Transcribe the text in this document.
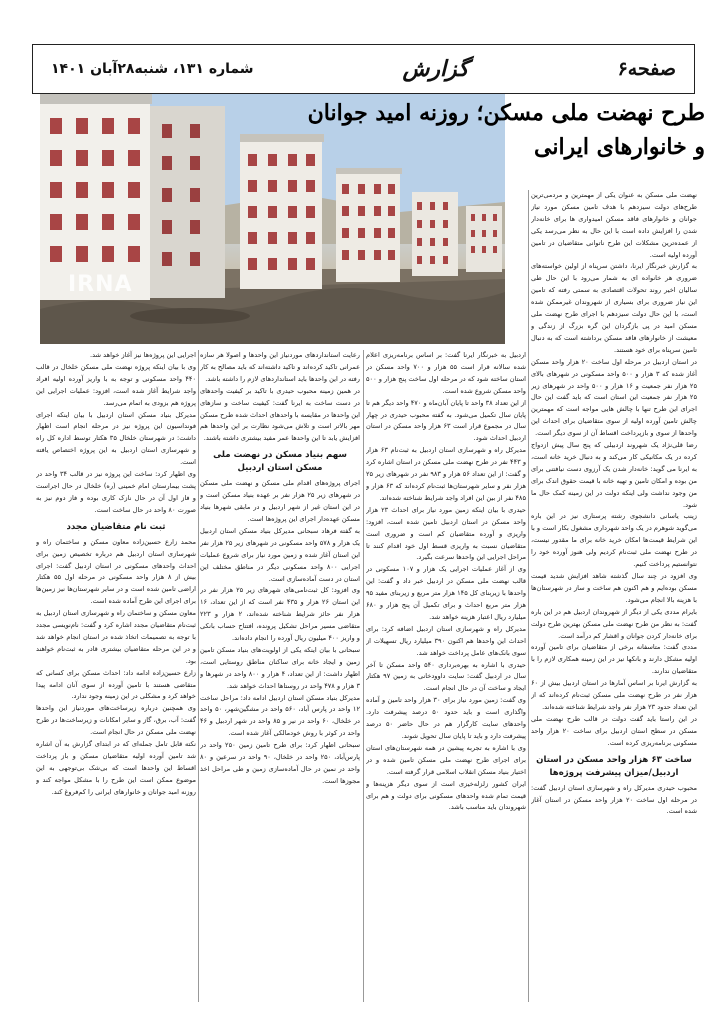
صفحه۶
گزارش
شماره ۱۳۱، شنبه۲۸آبان ۱۴۰۱
IRNA
طرح نهضت ملی مسکن؛ روزنه امید جوانان و خانوارهای ایرانی

نهضت ملی مسکن به عنوان یکی از مهمترین و مردمی‌ترین طرح‌های دولت سیزدهم با هدف تامین مسکن مورد نیاز جوانان و خانوارهای فاقد مسکن امیدواری ها برای خانه‌دار شدن را افزایش داده است با این حال به نظر می‌رسد یکی از عمده‌ترین مشکلات این طرح ناتوانی متقاضیان در تامین آورده اولیه است.

به گزارش خبرنگار ایرنا، داشتن سرپناه از اولین خواسته‌های ضروری هر خانواده ای به شمار می‌رود با این حال طی سالیان اخیر روند تحولات اقتصادی به سمتی رفته که تامین این نیاز ضروری برای بسیاری از شهروندان غیرممکن شده است، با این حال دولت سیزدهم با اجرای طرح نهضت ملی مسکن امید در پی بازگردان این گره بزرگ از زندگی و معیشت از خانوارهای فاقد مسکن برداشته است که به دنبال تامین سرپناه برای خود هستند.

در استان اردبیل در مرحله اول ساخت ۲۰ هزار واحد مسکن آغاز شده که ۳ هزار و ۵۰۰ واحد مسکونی در شهرهای بالای ۲۵ هزار نفر جمعیت و ۱۶ هزار و ۵۰۰ واحد در شهرهای زیر ۲۵ هزار نفر جمعیت این استان است که باید گفت این حال اجرای این طرح تنها با چالش هایی مواجه است که مهمترین چالش تامین آورده اولیه از سوی متقاضیان برای احداث این واحدها از سوی و بازپرداخت اقساط آن از سوی دیگر است.

رضا قلی‌نژاد یک شهروند اردبیلی که پنج سال پیش ازدواج کرده در یک مکانیکی کار می‌کند و به دنبال خرید خانه است، به ایرنا می گوید: خانه‌دار شدن یک آرزوی دست نیافتنی برای من بوده و امکان تامین و تهیه خانه با قیمت حقوق اندک برای من وجود نداشت ولی اینکه دولت در این زمینه کمک حال ما شود.

زینب یاسانی دانشجوی رشته پرستاری نیز در این باره می‌گوید شوهرم در یک واحد شهرداری مشغول بکار است و با این شرایط قیمت‌ها امکان خرید خانه برای ما مقدور نیست، در طرح نهضت ملی ثبت‌نام کردیم ولی هنوز آورده خود را نتوانستیم پرداخت کنیم.

وی افزود در چند سال گذشته شاهد افزایش شدید قیمت مسکن بوده‌ایم و هم اکنون هم ساخت و ساز در شهرستان‌ها با هزینه بالا انجام می‌شود.

بایرام مددی یکی از دیگر از شهروندان اردبیل هم در این باره گفت: به نظر من طرح نهضت ملی مسکن بهترین طرح دولت برای خانه‌دار کردن جوانان و اقشار کم درآمد است.

مددی گفت: متاسفانه برخی از متقاضیان برای تامین آورده اولیه مشکل دارند و بانکها نیز در این زمینه همکاری لازم را با متقاضیان ندارند.

به گزارش ایرنا بر اساس آمارها در استان اردبیل بیش از ۶۰ هزار نفر در طرح نهضت ملی مسکن ثبت‌نام کرده‌اند که از این تعداد حدود ۲۳ هزار نفر واجد شرایط شناخته شده‌اند.

در این راستا باید گفت دولت در قالب طرح نهضت ملی مسکن در سطح استان اردبیل برای ساخت ۲۰ هزار واحد مسکونی برنامه‌ریزی کرده است.

ساخت ۶۳ هزار واحد مسکن در استان اردبیل/میزان پیشرفت پروژه‌ها

محبوب حیدری مدیرکل راه و شهرسازی استان اردبیل گفت: در مرحله اول ساخت ۲۰ هزار واحد مسکن در استان آغاز شده است.

اردبیل به خبرنگار ایرنا گفت: بر اساس برنامه‌ریزی اعلام شده سالانه قرار است ۵۵ هزار و ۷۰۰ واحد مسکن در استان ساخته شود که در مرحله اول ساخت پنج هزار و ۵۰۰ واحد مسکن شروع شده است.

از این تعداد ۳۸ واحد تا پایان آبان‌ماه و ۴۷۰ واحد دیگر هم تا پایان سال تکمیل می‌شود. به گفته محبوب حیدری در چهار سال در مجموع قرار است ۶۳ هزار واحد مسکن در استان اردبیل احداث شود.

مدیرکل راه و شهرسازی استان اردبیل به ثبت‌نام ۶۳ هزار و ۴۴۳ نفر در طرح نهضت ملی مسکن در استان اشاره کرد و گفت: از این تعداد ۵۶ هزار و ۹۸۳ نفر در شهرهای زیر ۲۵ هزار نفر و سایر شهرستان‌ها ثبت‌نام کرده‌اند که ۶۳ هزار و ۴۸۵ نفر از بین این افراد واجد شرایط شناخته شده‌اند.

حیدری با بیان اینکه زمین مورد نیاز برای احداث ۲۳ هزار واحد مسکن در استان اردبیل تامین شده است، افزود: واریزی و آورده متقاضیان کم است و ضروری است متقاضیان نسبت به واریزی قسط اول خود اقدام کنند تا مراحل اجرایی این واحدها سرعت بگیرد.

وی از آغاز عملیات اجرایی یک هزار و ۱۰۷ مسکونی در قالب نهضت ملی مسکن در اردبیل خبر داد و گفت: این واحدها با زیربنای کل ۱۴۵ هزار متر مربع و زیربنای مفید ۹۵ هزار متر مربع احداث و برای تکمیل آن پنج هزار و ۶۸۰ میلیارد ریال اعتبار هزینه خواهد شد.

مدیرکل راه و شهرسازی استان اردبیل اضافه کرد: برای احداث این واحدها هم اکنون ۳۹۰ میلیارد ریال تسهیلات از سوی بانک‌های عامل پرداخت خواهد شد.

حیدری با اشاره به بهره‌برداری ۵۴۰ واحد مسکن تا آخر سال در اردبیل گفت: سایت داوودخانی به زمین ۹۷ هکتار ایجاد و ساخت آن در حال انجام است.

وی گفت: زمین مورد نیاز برای ۳۰ هزار واحد تامین و آماده واگذاری است و باید حدود ۵۰ درصد پیشرفت دارد. واحدهای سایت کارگزار هم در حال حاضر ۵۰ درصد پیشرفت دارد و باید تا پایان سال تحویل شوند.

وی با اشاره به تجربه پیشین در همه شهرستان‌های استان برای اجرای طرح نهضت ملی مسکن تامین شده و در اختیار بنیاد مسکن انقلاب اسلامی قرار گرفته است.

ایران کشور زلزله‌خیزی است از سوی دیگر هزینه‌ها و قیمت تمام شده واحدهای مسکونی برای دولت و هم برای شهروندان باید مناسب باشد.

رعایت استانداردهای موردنیاز این واحدها و اصولا هر سازه عمرانی تاکید کرده‌اند و تاکید داشته‌اند که باید مصالح به کار رفته در این واحدها باید استانداردهای لازم را داشته باشد.

در همین زمینه محبوب حیدری با تاکید بر کیفیت واحدهای در دست ساخت به ایرنا گفت: کیفیت ساخت و سازهای این واحدها در مقایسه با واحدهای احداث شده طرح مسکن مهر بالاتر است و تلاش می‌شود نظارت بر این واحدها هم افزایش یابد تا این واحدها عمر مفید بیشتری داشته باشند.

سهم بنیاد مسکن در نهضت ملی مسکن استان اردبیل

اجرای پروژه‌های اقدام ملی مسکن و نهضت ملی مسکن در شهرهای زیر ۲۵ هزار نفر بر عهده بنیاد مسکن است و در این استان غیر از شهر اردبیل و در مابقی شهرها بنیاد مسکن عهده‌دار اجرای این پروژه‌ها است.

به گفته فرهاد سبحانی مدیرکل بنیاد مسکن استان اردبیل یک هزار و ۵۷۸ واحد مسکونی در شهرهای زیر ۲۵ هزار نفر این استان آغاز شده و زمین مورد نیاز برای شروع عملیات اجرایی ۸۰۰ واحد مسکونی دیگر در مناطق مختلف این استان در دست آماده‌سازی است.

وی افزود: کل ثبت‌نامی‌های شهرهای زیر ۲۵ هزار نفر در این استان ۲۶ هزار و ۴۳۵ نفر است که از این تعداد، ۱۶ هزار نفر حائز شرایط شناخته شده‌اند، ۲ هزار و ۲۲۳ متقاضی مسیر مراحل تشکیل پرونده، افتتاح حساب بانکی و واریز ۴۰۰ میلیون ریال آورده را انجام داده‌اند.

سبحانی با بیان اینکه یکی از اولویت‌های بنیاد مسکن تامین زمین و ایجاد خانه برای ساکنان مناطق روستایی است، اظهار داشت: از این تعداد، ۴ هزار و ۸۰۰ واحد در شهرها و ۳ هزار و ۴۷۸ واحد در روستاها احداث خواهد شد.

مدیرکل بنیاد مسکن استان اردبیل ادامه داد: مراحل ساخت ۱۲ واحد در پارس آباد، ۵۶۰ واحد در مشگین‌شهر، ۵۰ واحد در خلخال، ۶۰ واحد در نیر و ۸۵ واحد در شهر اردبیل و ۴۶ واحد در کوثر با روش خودمالکی آغاز شده است.

سبحانی اظهار کرد: برای طرح تامین زمین ۲۵۰ واحد در پارس‌آباد، ۲۵۰ واحد در خلخال، ۹۰ واحد در سرعین و ۸۰ واحد در نمین در حال آماده‌سازی زمین و طی مراحل اخذ مجوزها است.

اجرایی این پروژه‌ها نیز آغاز خواهد شد.

وی با بیان اینکه پروژه نهضت ملی مسکن خلخال در قالب ۴۴۰ واحد مسکونی و توجه به با واریز آورده اولیه افراد واجد شرایط آغاز شده است، افزود: عملیات اجرایی این پروژه هم بزودی به اتمام می‌رسد.

مدیرکل بنیاد مسکن استان اردبیل با بیان اینکه اجرای فونداسیون این پروژه نیز در مرحله انجام است اظهار داشت: در شهرستان خلخال ۳۵ هکتار توسط اداره کل راه و شهرسازی استان اردبیل به این پروژه اختصاص یافته است.

وی اظهار کرد: ساخت این پروژه نیز در قالب ۳۴ واحد در پشت بیمارستان امام خمینی (ره) خلخال در حال اجراست و فاز اول آن در حال نازک کاری بوده و فاز دوم نیز به صورت ۸۰ واحد در حال ساخت است.

ثبت نام متقاضیان مجدد

محمد زارع حسین‌زاده معاون مسکن و ساختمان راه و شهرسازی استان اردبیل هم درباره تخصیص زمین برای احداث واحدهای مسکونی در استان اردبیل گفت: اجرای بیش از ۸ هزار واحد مسکونی در مرحله اول ۵۵ هکتار اراضی تامین شده است و در سایر شهرستان‌ها نیز زمین‌ها برای اجرای این طرح آماده شده است.

معاون مسکن و ساختمان راه و شهرسازی استان اردبیل به ثبت‌نام متقاضیان مجدد اشاره کرد و گفت: نام‌نویسی مجدد با توجه به تصمیمات اتخاذ شده در استان انجام خواهد شد و در این مرحله متقاضیان بیشتری قادر به ثبت‌نام خواهند بود.

زارع حسین‌زاده ادامه داد: احداث مسکن برای کسانی که متقاضی هستند با تامین آورده از سوی آنان ادامه پیدا خواهد کرد و مشکلی در این زمینه وجود ندارد.

وی همچنین درباره زیرساخت‌های موردنیاز این واحدها گفت: آب، برق، گاز و سایر امکانات و زیرساخت‌ها در طرح نهضت ملی مسکن در حال انجام است.

نکته قابل تامل جمله‌ای که در ابتدای گزارش به آن اشاره شد تامین آورده اولیه متقاضیان مسکن و باز پرداخت اقساط این واحدها است که بی‌شک بی‌توجهی به این موضوع ممکن است این طرح را با مشکل مواجه کند و روزنه امید جوانان و خانوارهای ایرانی را کم‌فروغ کند.
